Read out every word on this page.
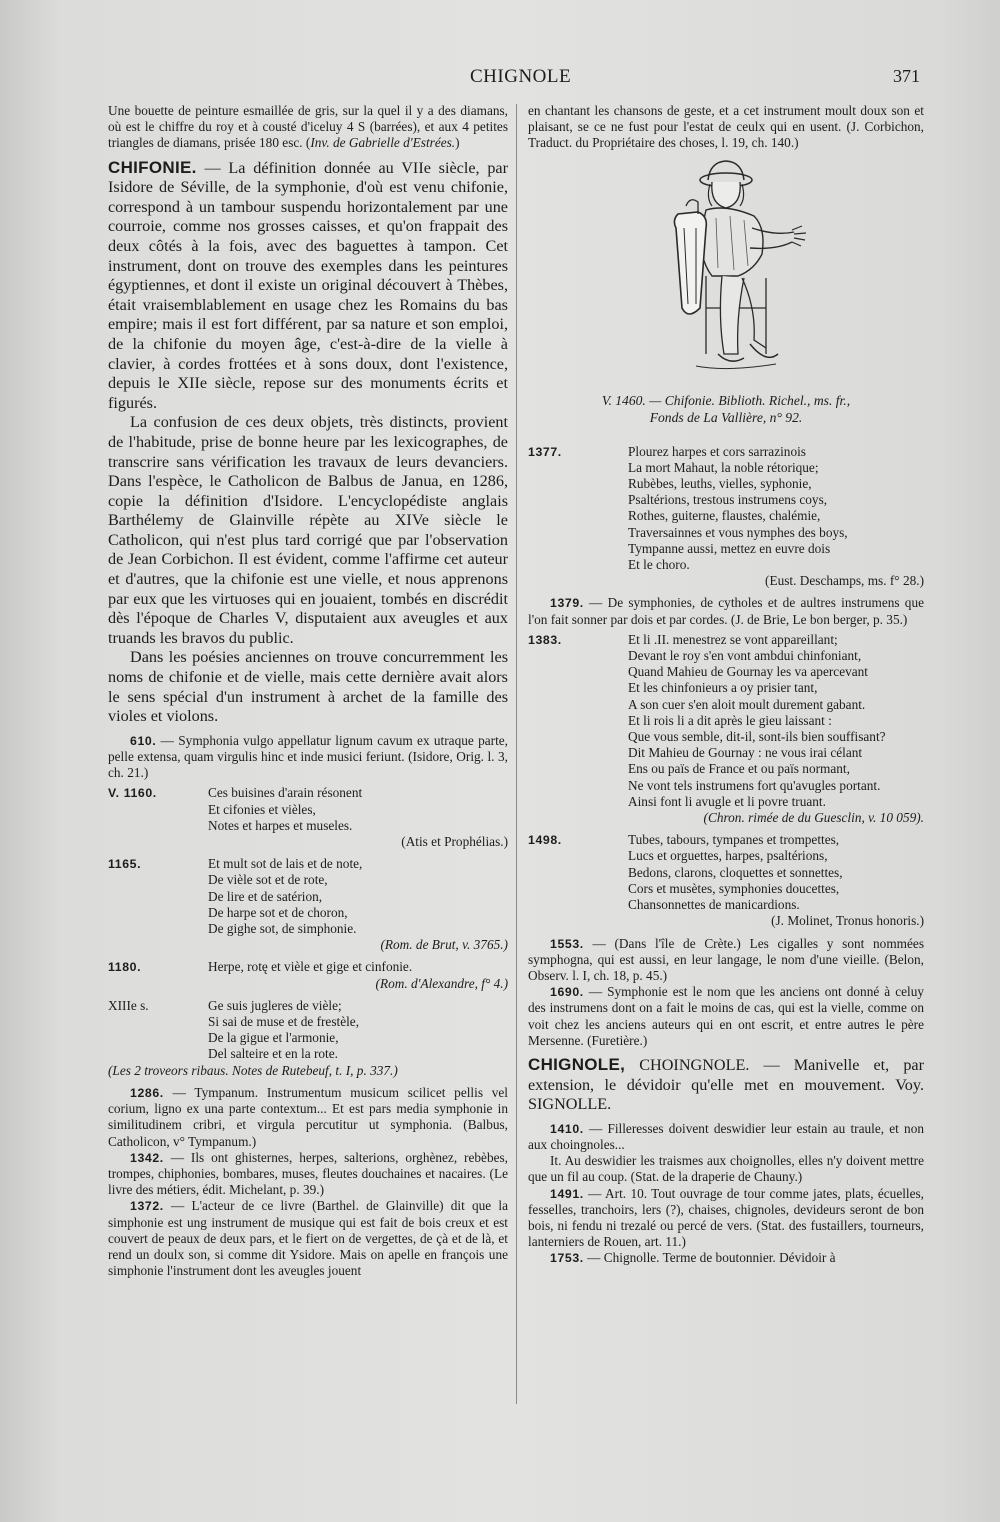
CHIGNOLE	371

Une bouette de peinture esmaillée de gris, sur la quel il y a des diamans, où est le chiffre du roy et à cousté d'iceluy 4 S (barrées), et aux 4 petites triangles de diamans, prisée 180 esc. (Inv. de Gabrielle d'Estrées.)

CHIFONIE. — La définition donnée au VIIe siècle, par Isidore de Séville, de la symphonie, d'où est venu chifonie, correspond à un tambour suspendu horizontalement par une courroie, comme nos grosses caisses, et qu'on frappait des deux côtés à la fois, avec des baguettes à tampon. Cet instrument, dont on trouve des exemples dans les peintures égyptiennes, et dont il existe un original découvert à Thèbes, était vraisemblablement en usage chez les Romains du bas empire; mais il est fort différent, par sa nature et son emploi, de la chifonie du moyen âge, c'est-à-dire de la vielle à clavier, à cordes frottées et à sons doux, dont l'existence, depuis le XIIe siècle, repose sur des monuments écrits et figurés.

La confusion de ces deux objets, très distincts, provient de l'habitude, prise de bonne heure par les lexicographes, de transcrire sans vérification les travaux de leurs devanciers. Dans l'espèce, le Catholicon de Balbus de Janua, en 1286, copie la définition d'Isidore. L'encyclopédiste anglais Barthélemy de Glainville répète au XIVe siècle le Catholicon, qui n'est plus tard corrigé que par l'observation de Jean Corbichon. Il est évident, comme l'affirme cet auteur et d'autres, que la chifonie est une vielle, et nous apprenons par eux que les virtuoses qui en jouaient, tombés en discrédit dès l'époque de Charles V, disputaient aux aveugles et aux truands les bravos du public.

Dans les poésies anciennes on trouve concurremment les noms de chifonie et de vielle, mais cette dernière avait alors le sens spécial d'un instrument à archet de la famille des violes et violons.

610. — Symphonia vulgo appellatur lignum cavum ex utraque parte, pelle extensa, quam virgulis hinc et inde musici feriunt. (Isidore, Orig. l. 3, ch. 21.)

V. 1160.	Ces buisines d'arain résonent
Et cifonies et vièles,
Notes et harpes et museles.
(Atis et Prophélias.)
1165.	Et mult sot de lais et de note,
De vièle sot et de rote,
De lire et de satérion,
De harpe sot et de choron,
De gighe sot, de simphonie.
(Rom. de Brut, v. 3765.)
1180.	Herpe, rotę et vièle et gige et cinfonie.
(Rom. d'Alexandre, f° 4.)
XIIIe s.	Ge suis jugleres de vièle;
Si sai de muse et de frestèle,
De la gigue et l'armonie,
Del salteire et en la rote.
(Les 2 troveors ribaus. Notes de Rutebeuf, t. I, p. 337.)

1286. — Tympanum. Instrumentum musicum scilicet pellis vel corium, ligno ex una parte contextum... Et est pars media symphonie in similitudinem cribri, et virgula percutitur ut symphonia. (Balbus, Catholicon, v° Tympanum.)

1342. — Ils ont ghisternes, herpes, salterions, orghènez, rebèbes, trompes, chiphonies, bombares, muses, fleutes douchaines et nacaires. (Le livre des métiers, édit. Michelant, p. 39.)

1372. — L'acteur de ce livre (Barthel. de Glainville) dit que la simphonie est ung instrument de musique qui est fait de bois creux et est couvert de peaux de deux pars, et le fiert on de vergettes, de çà et de là, et rend un doulx son, si comme dit Ysidore. Mais on apelle en françois une simphonie l'instrument dont les aveugles jouent

en chantant les chansons de geste, et a cet instrument moult doux son et plaisant, se ce ne fust pour l'estat de ceulx qui en usent. (J. Corbichon, Traduct. du Propriétaire des choses, l. 19, ch. 140.)

V. 1460. — Chifonie. Biblioth. Richel., ms. fr.,
Fonds de La Vallière, n° 92.
1377.	Plourez harpes et cors sarrazinois
La mort Mahaut, la noble rétorique;
Rubèbes, leuths, vielles, syphonie,
Psaltérions, trestous instrumens coys,
Rothes, guiterne, flaustes, chalémie,
Traversainnes et vous nymphes des boys,
Tympanne aussi, mettez en euvre dois
Et le choro.
(Eust. Deschamps, ms. f° 28.)

1379. — De symphonies, de cytholes et de aultres instrumens que l'on fait sonner par dois et par cordes. (J. de Brie, Le bon berger, p. 35.)

1383.	Et li .II. menestrez se vont appareillant;
Devant le roy s'en vont ambdui chinfoniant,
Quand Mahieu de Gournay les va apercevant
Et les chinfonieurs a oy prisier tant,
A son cuer s'en aloit moult durement gabant.
Et li rois li a dit après le gieu laissant :
Que vous semble, dit-il, sont-ils bien souffisant?
Dit Mahieu de Gournay : ne vous irai célant
Ens ou païs de France et ou païs normant,
Ne vont tels instrumens fort qu'avugles portant.
Ainsi font li avugle et li povre truant.
(Chron. rimée de du Guesclin, v. 10 059).
1498.	Tubes, tabours, tympanes et trompettes,
Lucs et orguettes, harpes, psaltérions,
Bedons, clarons, cloquettes et sonnettes,
Cors et musètes, symphonies doucettes,
Chansonnettes de manicardions.
(J. Molinet, Tronus honoris.)

1553. — (Dans l'île de Crète.) Les cigalles y sont nommées symphogna, qui est aussi, en leur langage, le nom d'une vieille. (Belon, Observ. l. I, ch. 18, p. 45.)

1690. — Symphonie est le nom que les anciens ont donné à celuy des instrumens dont on a fait le moins de cas, qui est la vielle, comme on voit chez les anciens auteurs qui en ont escrit, et entre autres le père Mersenne. (Furetière.)

CHIGNOLE, CHOINGNOLE. — Manivelle et, par extension, le dévidoir qu'elle met en mouvement. Voy. SIGNOLLE.

1410. — Filleresses doivent deswidier leur estain au traule, et non aux choingnoles...

It. Au deswidier les traismes aux choignolles, elles n'y doivent mettre que un fil au coup. (Stat. de la draperie de Chauny.)

1491. — Art. 10. Tout ouvrage de tour comme jates, plats, écuelles, fesselles, tranchoirs, lers (?), chaises, chignoles, devideurs seront de bon bois, ni fendu ni trezalé ou percé de vers. (Stat. des fustaillers, tourneurs, lanterniers de Rouen, art. 11.)

1753. — Chignolle. Terme de boutonnier. Dévidoir à
